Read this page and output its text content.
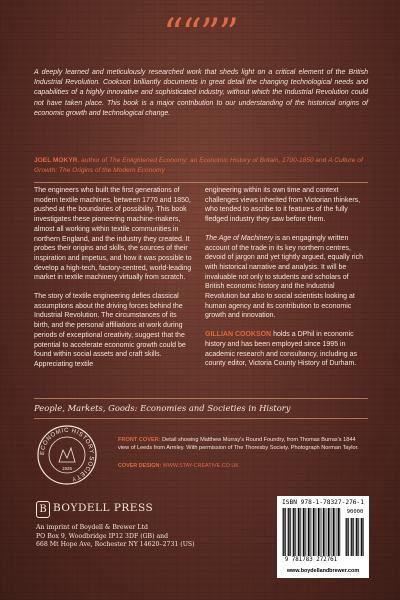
““””
A deeply learned and meticulously researched work that sheds light on a critical element of the British Industrial Revolution. Cookson brilliantly documents in great detail the changing technological needs and capabilities of a highly innovative and sophisticated industry, without which the Industrial Revolution could not have taken place. This book is a major contribution to our understanding of the historical origins of economic growth and technological change.
JOEL MOKYR, author of The Enlightened Economy: an Economic History of Britain, 1700-1850 and A Culture of Growth: The Origins of the Modern Economy

The engineers who built the first generations of modern textile machines, between 1770 and 1850, pushed at the boundaries of possibility. This book investigates these pioneering machine-makers, almost all working within textile communities in northern England, and the industry they created. It probes their origins and skills, the sources of their inspiration and impetus, and how it was possible to develop a high-tech, factory-centred, world-leading market in textile machinery virtually from scratch.

The story of textile engineering defies classical assumptions about the driving forces behind the Industrial Revolution. The circumstances of its birth, and the personal affiliations at work during periods of exceptional creativity, suggest that the potential to accelerate economic growth could be found within social assets and craft skills. Appreciating textile

engineering within its own time and context challenges views inherited from Victorian thinkers, who tended to ascribe to it features of the fully fledged industry they saw before them.

The Age of Machinery is an engagingly written account of the trade in its key northern centres, devoid of jargon and yet tightly argued, equally rich with historical narrative and analysis. It will be invaluable not only to students and scholars of British economic history and the Industrial Revolution but also to social scientists looking at human agency and its contribution to economic growth and innovation.

GILLIAN COOKSON holds a DPhil in economic history and has been employed since 1995 in academic research and consultancy, including as county editor, Victoria County History of Durham.

People, Markets, Goods: Economies and Societies in History
ECONOMIC HISTORY SOCIETY
1926
FRONT COVER: Detail showing Matthew Murray's Round Foundry, from Thomas Burras's 1844 view of Leeds from Armley. With permission of The Thoresby Society. Photograph Norman Taylor.
COVER DESIGN: WWW.STAY-CREATIVE.CO.UK
B BOYDELL PRESS
An imprint of Boydell & Brewer Ltd
PO Box 9, Woodbridge IP12 3DF (GB) and
668 Mt Hope Ave, Rochester NY 14620–2731 (US)
ISBN 978-1-78327-276-1
90000
9 781783 272761
www.boydellandbrewer.com
